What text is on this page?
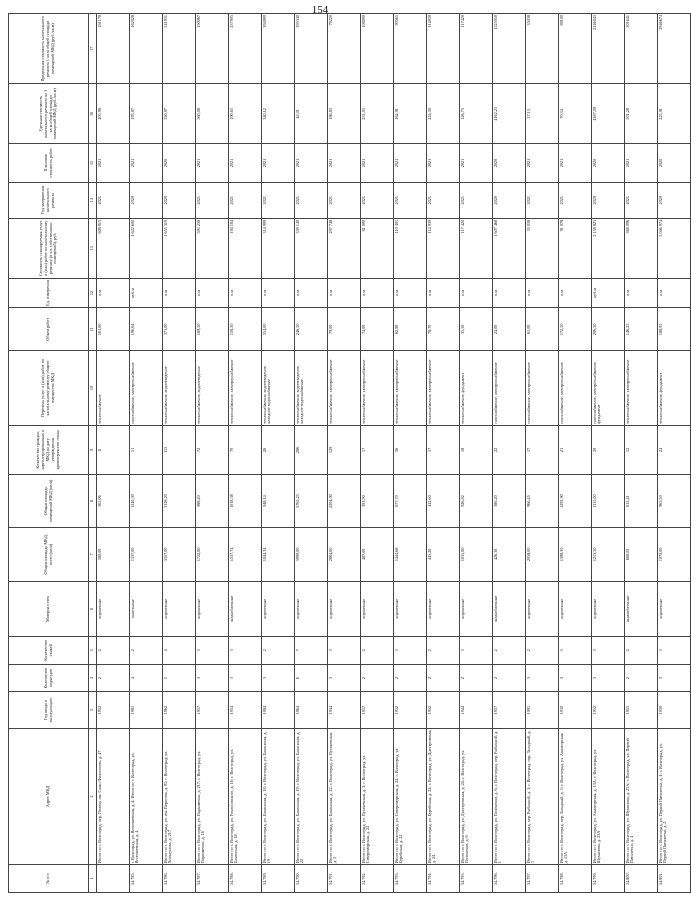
154
№ п/п	Адрес МКД	Год ввода в эксплуатацию	Количество подъездов	Количество этажей	Материал стен	Общая площадь МКД, всего (кв.м)	Общая площадь помещений МКД (кв.м)	Количество граждан, зарегистрированных в МКД на дату утверждения краткосрочного плана	Перечень услуг и (или) работ по капитальному ремонту общего имущества МКД	Объем работ	Ед. измерения	Стоимость планируемых услуг и (или) работ по капитальному ремонту (в т.ч. собственники помещений), руб.	Год завершения капитального ремонта	Плановая стоимость работ	Удельная стоимость капитального ремонта на 1 кв.м общей площади помещений МКД (руб./кв.м)	Предельная стоимость капитального ремонта 1 кв.м общей площади помещений МКД (руб./кв.м)
1	2	3	4	5	6	7	8	9	10	11	12	13	14	15	16	17
	Итого по г. Волгоград, пер. Полоцк им. Саши Филиппова, д. 47	1952	2	2	кирпичные	580,00	565,06	6	теплоснабжение	161,00	п.м	608 915	2021	2021	405,98	231178
54.785.	г. Волгоград, ул. Волочаевская, д. 4; Итого по г. Волгоград, ул. Волочаевская, д. 4	1981	4	2	панельные	1337,00	1240,30	51	газоснабжение, электроснабжение	196,64	куб.м	1 622 600	2020	2021	193,87	162028
54.786.	Итого по г. Волгоград, ул. им. Пирогова, д. 91; г. Волгоград, ул. Хользунова, д. 217	1962	5	4	кирпичные	3357,00	3128,20	115	теплоснабжение, водоотведение	371,00	п.м	1 655 319	2020	2020	530,97	541931
54.787.	Итого по г. Волгоград, ул. Пархоменко, д. 217; г. Волгоград, ул. Пархоменко, д. 16	1957	3	3	кирпичные	1722,80	988,20	72	теплоснабжение, водоотведение	189,50	п.м	593 258	2021	2021	560,08	190067
54.788.	Итого по г. Волгоград, ул. Рокоссовского, д. 16; г. Волгоград, ул. Бакинская, д. 18	1954	3	3	шлакоблочные	1537,74	1018,38	70	теплоснабжение, электроснабжение	158,50	п.м	194 184	2021	2021	190,63	237905
54.789.	Итого по г. Волгоград, ул. Бакинская, д. 18; г. Волгоград, ул. Бакинская, д. 19	1984	3	2	кирпичные	1044,34	948,14	26	теплоснабжение, водоотведение, холодное водоснабжение	354,00	п.м	314 999	2021	2021	340,12	394999
54.790.	Итого по г. Волгоград, ул. Бакинская, д. 19; г. Волгоград, ул. Бакинская, д. 22	1964	6	7	кирпичные	5990,00	5765,25	286	теплоснабжение, водоотведение, холодное водоснабжение	246,50	п.м	359 140	2021	2021	42,01	395340
54.791.	Итого по г. Волгоград, ул. Бакинская, д. 22; г. Волгоград, ул. Пугачевская, д. 3	1944	3	3	кирпичные	2884,60	2204,00	129	теплоснабжение, электроснабжение	79,00	п.м	297 748	2021	2021	186,83	79220
54.792.	Итого по г. Волгоград, ул. Пугачевская, д. 3; г. Волгоград, ул. Североморская, д. 22	1957	2	2	кирпичные	487,00	391,90	17	теплоснабжение, электроснабжение	74,00	п.м	81 090	2021	2021	231,03	108090
54.793.	Итого по г. Волгоград, ул. Североморская, д. 22; г. Волгоград, ул. Бурейская, д. 22	1952	2	3	кирпичные	1444,68	677,70	56	теплоснабжение, электроснабжение	62,90	п.м	110 401	2021	2021	162,91	90565
54.794.	Итого по г. Волгоград, ул. Бурейская, д. 22; г. Волгоград, ул. Днестровская, д. 24	1952	2	2	кирпичные	445,20	412,60	17	теплоснабжение, электроснабжение	78,70	п.м	114 939	2021	2021	224,30	114939
54.795.	Итого по г. Волгоград, ул. Днестровская, д. 24; г. Волгоград, ул. Полоненко, д. 6	1944	2	3	кирпичные	1035,80	926,92	18	теплоснабжение, фундамент	35,50	п.м	117 420	2021	2021	126,73	117420
54.796.	Итого по г. Волгоград, ул. Полоненко, д. 6; г. Волгоград, пер. Рыбацкий, д. 1	1957	2	2	шлакоблочные	426,30	386,20	22	газоснабжение, электроснабжение	24,00	п.м	1 607 468	2020	2020	4162,25	1525050
54.797.	Итого по г. Волгоград, пер. Рыбацкий, д. 1; г. Волгоград, пер. Западный, д. 3	1991	3	2	кирпичные	2058,00	966,45	17	газоснабжение, электроснабжение	61,00	п.м	35 038	2021	2021	37,13	35038
54.798.	Итого по г. Волгоград, пер. Западный, д. 3; г. Волгоград, ул. Авиаторская, д. 13А	1930	3	3	кирпичные	1398,30	1293,90	21	газоснабжение, электроснабжение	172,50	п.м	91 078	2021	2021	70,34	89100
54.799.	Итого по г. Волгоград, ул. Авиаторская, д. 13А; г. Волгоград, ул. Шумилова, д. 23А	1952	3	3	кирпичные	1213,30	1115,00	20	газоснабжение, электроснабжение, фундамент	206,30	куб.м	2 158 823	2020	2020	4187,09	2146043
54.800.	Итого по г. Волгоград, ул. Шумилова, д. 23А; г. Волгоград, ул. Первой Пятилетки, д. 4	1955	2	2	шлакоблочные	668,02	613,41	12	теплоснабжение, электроснабжение	146,25	п.м	368 096	2021	2021	501,28	301641
54.801.	Итого по г. Волгоград, ул. Первой Пятилетки, д. 4; г. Волгоград, ул. Первой Пятилетки, д. 2	1930	3	3	кирпичные	1070,00	965,50	24	теплоснабжение, фундамент	188,95	п.м	3 046 974	2020	2020	225,91	2946674
